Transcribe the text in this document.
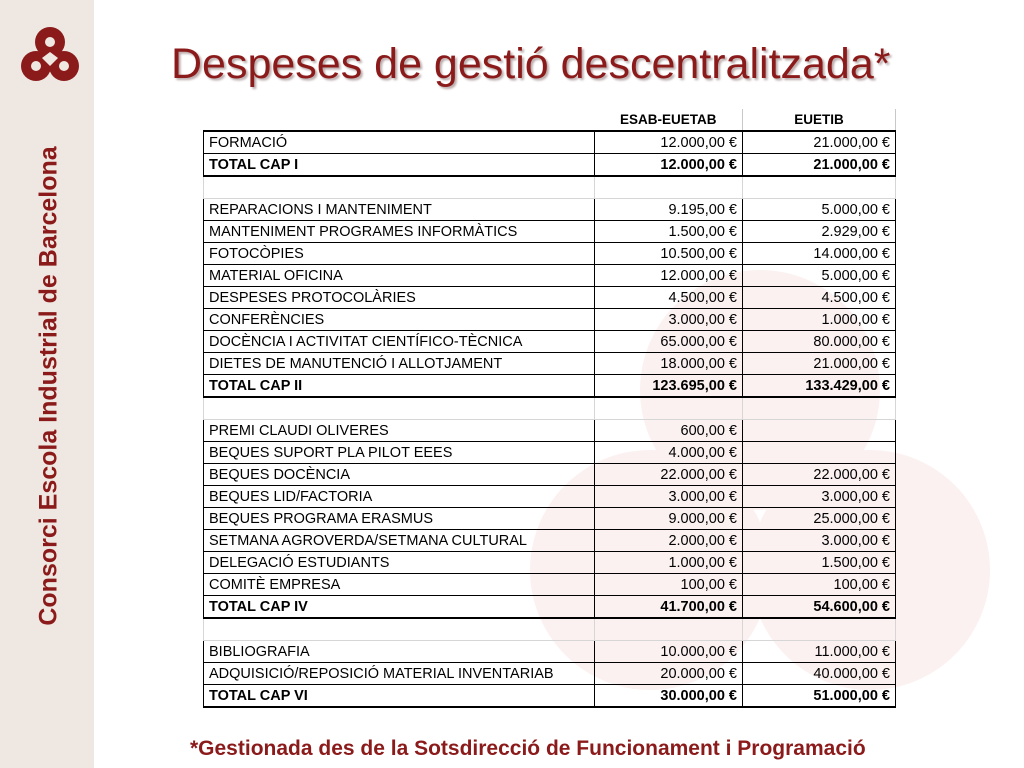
Consorci Escola Industrial de Barcelona
Despeses de gestió descentralitzada*
	ESAB-EUETAB	EUETIB
FORMACIÓ	12.000,00 €	21.000,00 €
TOTAL CAP I	12.000,00 €	21.000,00 €

REPARACIONS I MANTENIMENT	9.195,00 €	5.000,00 €
MANTENIMENT PROGRAMES INFORMÀTICS	1.500,00 €	2.929,00 €
FOTOCÒPIES	10.500,00 €	14.000,00 €
MATERIAL OFICINA	12.000,00 €	5.000,00 €
DESPESES PROTOCOLÀRIES	4.500,00 €	4.500,00 €
CONFERÈNCIES	3.000,00 €	1.000,00 €
DOCÈNCIA I ACTIVITAT CIENTÍFICO-TÈCNICA	65.000,00 €	80.000,00 €
DIETES DE MANUTENCIÓ I ALLOTJAMENT	18.000,00 €	21.000,00 €
TOTAL CAP II	123.695,00 €	133.429,00 €

PREMI CLAUDI OLIVERES	600,00 €	
BEQUES SUPORT PLA PILOT EEES	4.000,00 €	
BEQUES DOCÈNCIA	22.000,00 €	22.000,00 €
BEQUES LID/FACTORIA	3.000,00 €	3.000,00 €
BEQUES PROGRAMA ERASMUS	9.000,00 €	25.000,00 €
SETMANA AGROVERDA/SETMANA CULTURAL	2.000,00 €	3.000,00 €
DELEGACIÓ ESTUDIANTS	1.000,00 €	1.500,00 €
COMITÈ EMPRESA	100,00 €	100,00 €
TOTAL CAP IV	41.700,00 €	54.600,00 €

BIBLIOGRAFIA	10.000,00 €	11.000,00 €
ADQUISICIÓ/REPOSICIÓ MATERIAL INVENTARIAB	20.000,00 €	40.000,00 €
TOTAL CAP VI	30.000,00 €	51.000,00 €

*Gestionada des de la Sotsdirecció de Funcionament i Programació
